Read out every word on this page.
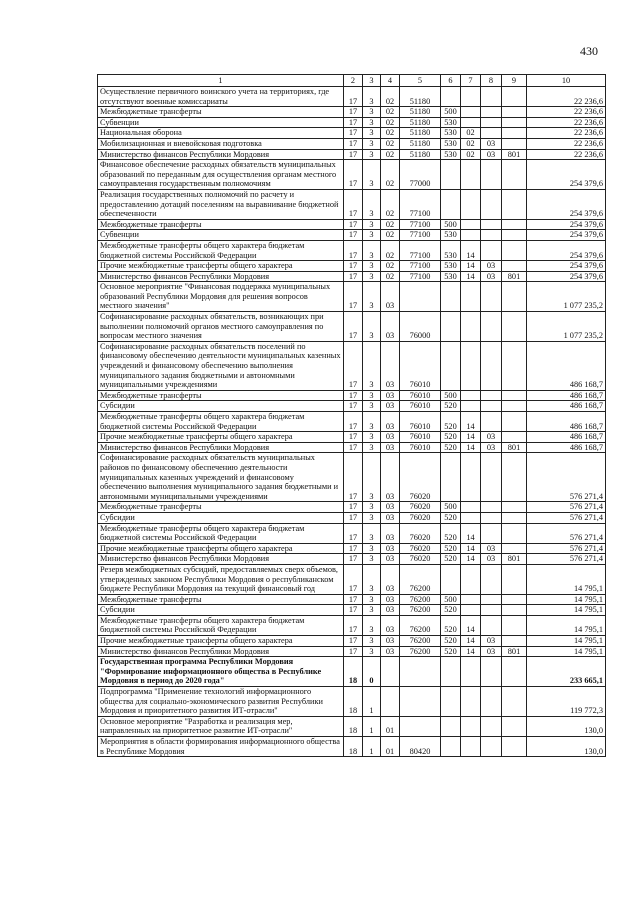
430
1	2	3	4	5	6	7	8	9	10
Осуществление первичного воинского учета на территориях, где отсутствуют военные комиссариаты	17	3	02	51180					22 236,6
Межбюджетные трансферты	17	3	02	51180	500				22 236,6
Субвенции	17	3	02	51180	530				22 236,6
Национальная оборона	17	3	02	51180	530	02			22 236,6
Мобилизационная и вневойсковая подготовка	17	3	02	51180	530	02	03		22 236,6
Министерство финансов Республики Мордовия	17	3	02	51180	530	02	03	801	22 236,6
Финансовое обеспечение расходных обязательств муниципальных образований по переданным для осуществления органам местного самоуправления государственным полномочиям	17	3	02	77000					254 379,6
Реализация государственных полномочий по расчету и предоставлению дотаций поселениям на выравнивание бюджетной обеспеченности	17	3	02	77100					254 379,6
Межбюджетные трансферты	17	3	02	77100	500				254 379,6
Субвенции	17	3	02	77100	530				254 379,6
Межбюджетные трансферты общего характера бюджетам бюджетной системы Российской Федерации	17	3	02	77100	530	14			254 379,6
Прочие межбюджетные трансферты общего характера	17	3	02	77100	530	14	03		254 379,6
Министерство финансов Республики Мордовия	17	3	02	77100	530	14	03	801	254 379,6
Основное мероприятие "Финансовая поддержка муниципальных образований Республики Мордовия для решения вопросов местного значения"	17	3	03						1 077 235,2
Софинансирование расходных обязательств, возникающих при выполнении полномочий органов местного самоуправления по вопросам местного значения	17	3	03	76000					1 077 235,2
Софинансирование расходных обязательств поселений по финансовому обеспечению деятельности муниципальных казенных учреждений и финансовому обеспечению выполнения муниципального задания бюджетными и автономными муниципальными учреждениями	17	3	03	76010					486 168,7
Межбюджетные трансферты	17	3	03	76010	500				486 168,7
Субсидии	17	3	03	76010	520				486 168,7
Межбюджетные трансферты общего характера бюджетам бюджетной системы Российской Федерации	17	3	03	76010	520	14			486 168,7
Прочие межбюджетные трансферты общего характера	17	3	03	76010	520	14	03		486 168,7
Министерство финансов Республики Мордовия	17	3	03	76010	520	14	03	801	486 168,7
Софинансирование расходных обязательств муниципальных районов по финансовому обеспечению деятельности муниципальных казенных учреждений и финансовому обеспечению выполнения муниципального задания бюджетными и автономными муниципальными учреждениями	17	3	03	76020					576 271,4
Межбюджетные трансферты	17	3	03	76020	500				576 271,4
Субсидии	17	3	03	76020	520				576 271,4
Межбюджетные трансферты общего характера бюджетам бюджетной системы Российской Федерации	17	3	03	76020	520	14			576 271,4
Прочие межбюджетные трансферты общего характера	17	3	03	76020	520	14	03		576 271,4
Министерство финансов Республики Мордовия	17	3	03	76020	520	14	03	801	576 271,4
Резерв межбюджетных субсидий, предоставляемых сверх объемов, утвержденных законом Республики Мордовия о республиканском бюджете Республики Мордовия на текущий финансовый год	17	3	03	76200					14 795,1
Межбюджетные трансферты	17	3	03	76200	500				14 795,1
Субсидии	17	3	03	76200	520				14 795,1
Межбюджетные трансферты общего характера бюджетам бюджетной системы Российской Федерации	17	3	03	76200	520	14			14 795,1
Прочие межбюджетные трансферты общего характера	17	3	03	76200	520	14	03		14 795,1
Министерство финансов Республики Мордовия	17	3	03	76200	520	14	03	801	14 795,1
Государственная программа Республики Мордовия "Формирование информационного общества в Республике Мордовия в период до 2020 года"	18	0							233 665,1
Подпрограмма "Применение технологий информационного общества для социально-экономического развития Республики Мордовия и приоритетного развития ИТ-отрасли"	18	1							119 772,3
Основное мероприятие "Разработка и реализация мер, направленных на приоритетное развитие ИТ-отрасли"	18	1	01						130,0
Мероприятия в области формирования информационного общества в Республике Мордовия	18	1	01	80420					130,0
